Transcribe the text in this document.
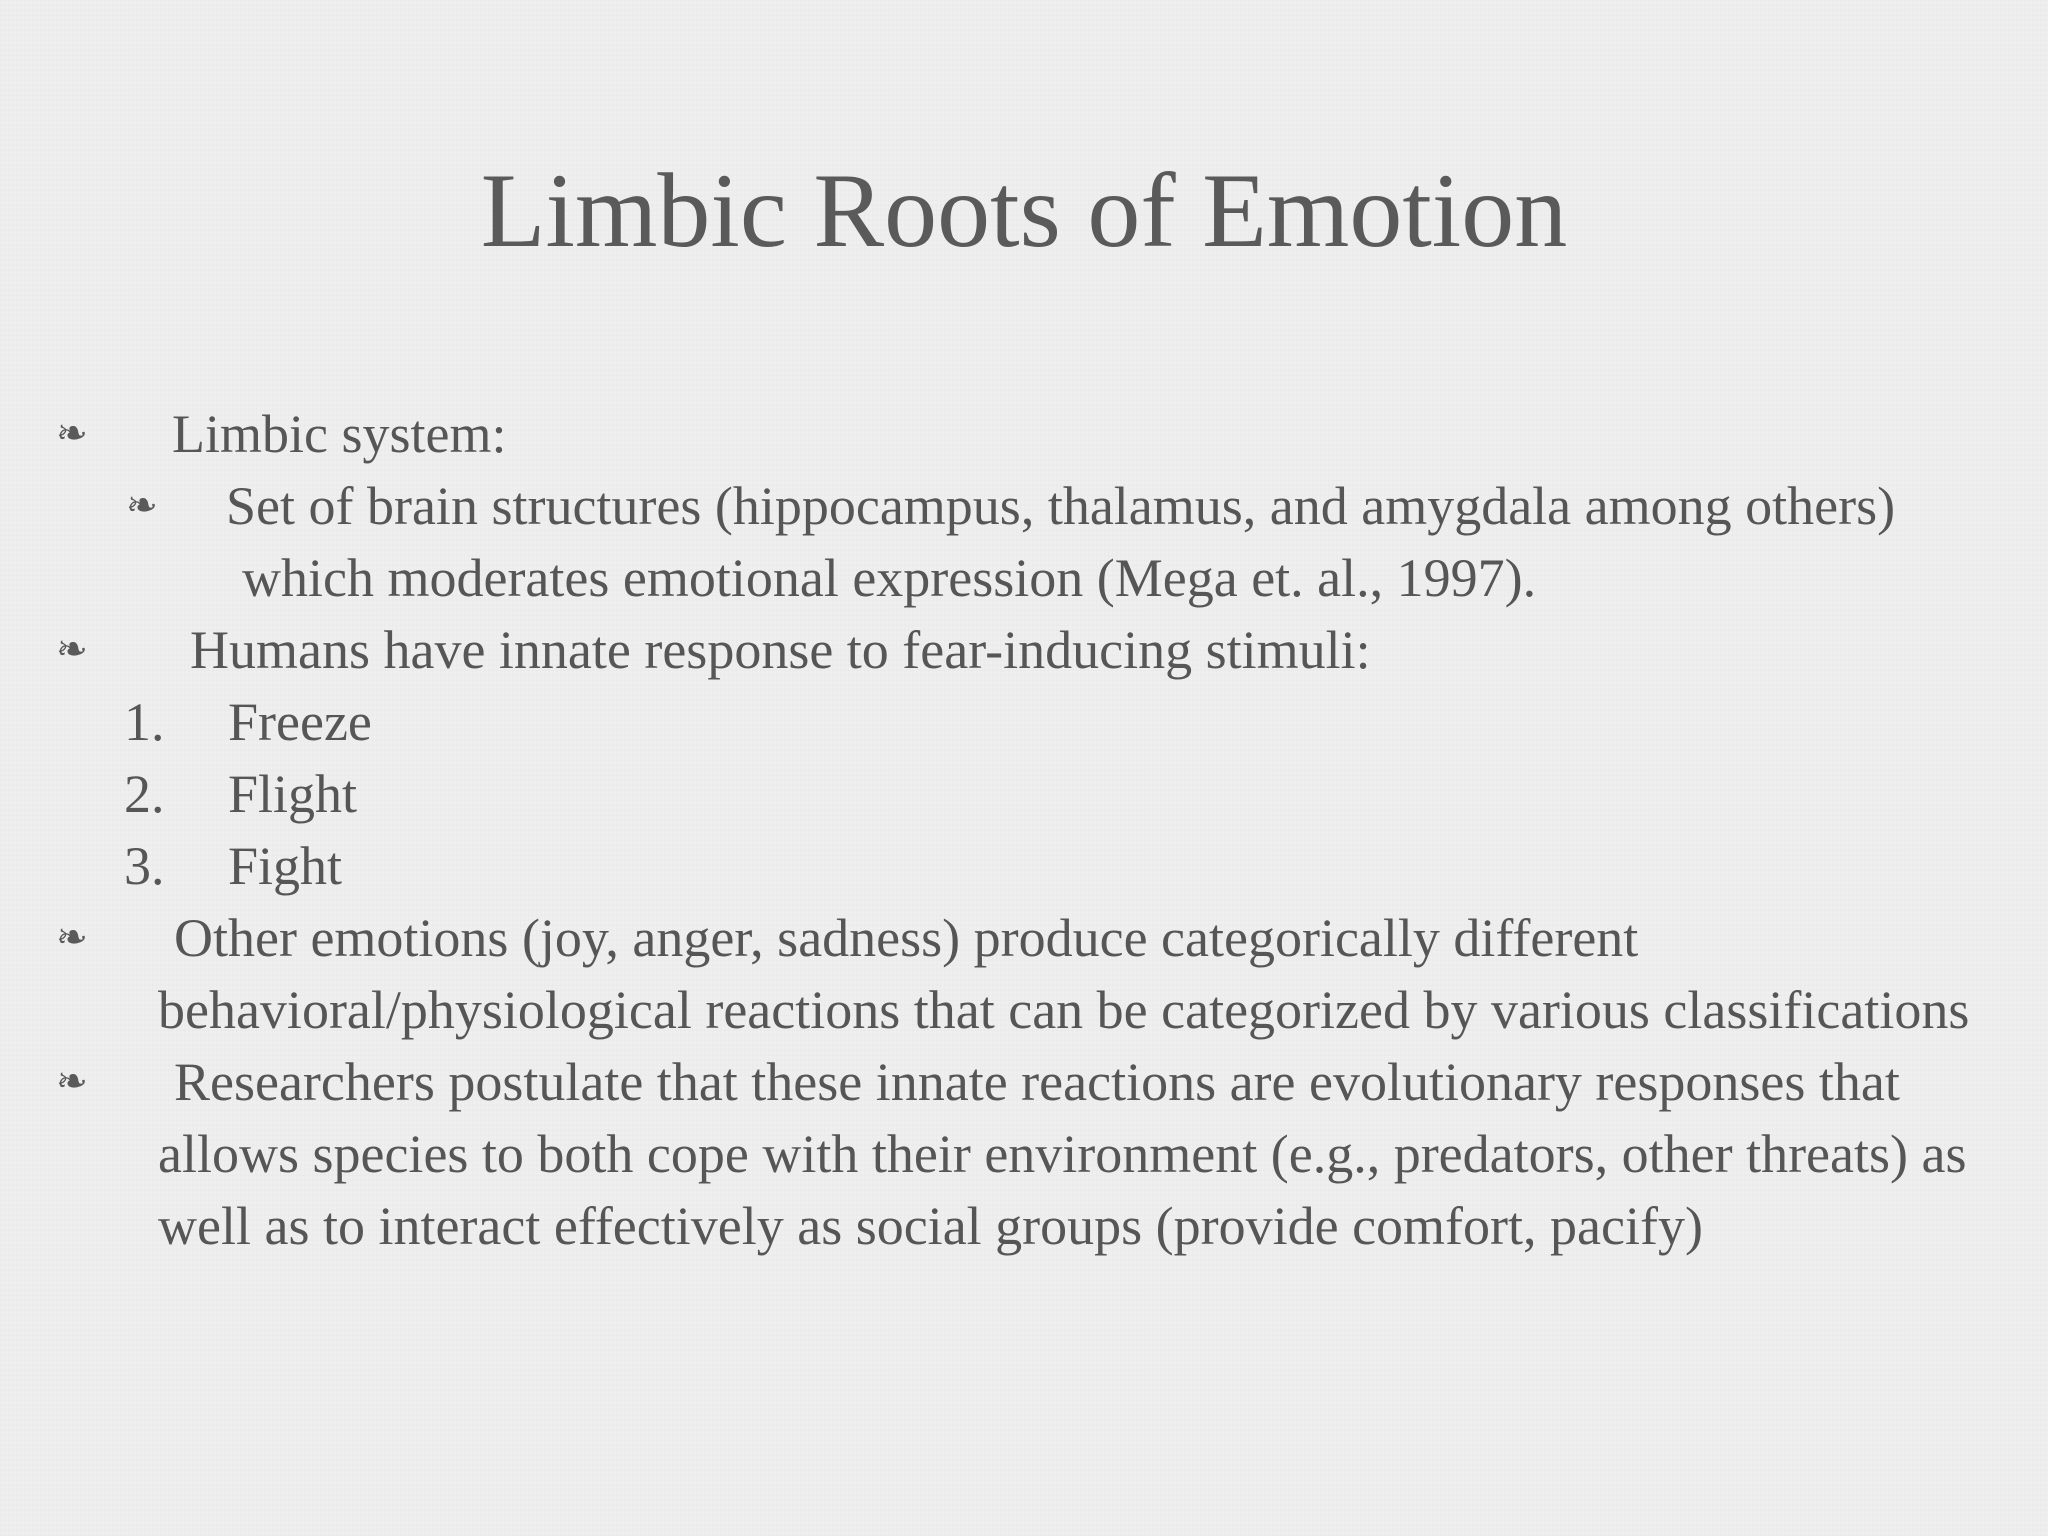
Limbic Roots of Emotion
❧ Limbic system:
❧ Set of brain structures (hippocampus, thalamus, and amygdala among others) which moderates emotional expression (Mega et. al., 1997).
❧ Humans have innate response to fear-inducing stimuli:
1. Freeze
2. Flight
3. Fight
❧ Other emotions (joy, anger, sadness) produce categorically different behavioral/physiological reactions that can be categorized by various classifications
❧ Researchers postulate that these innate reactions are evolutionary responses that allows species to both cope with their environment (e.g., predators, other threats) as well as to interact effectively as social groups (provide comfort, pacify)
